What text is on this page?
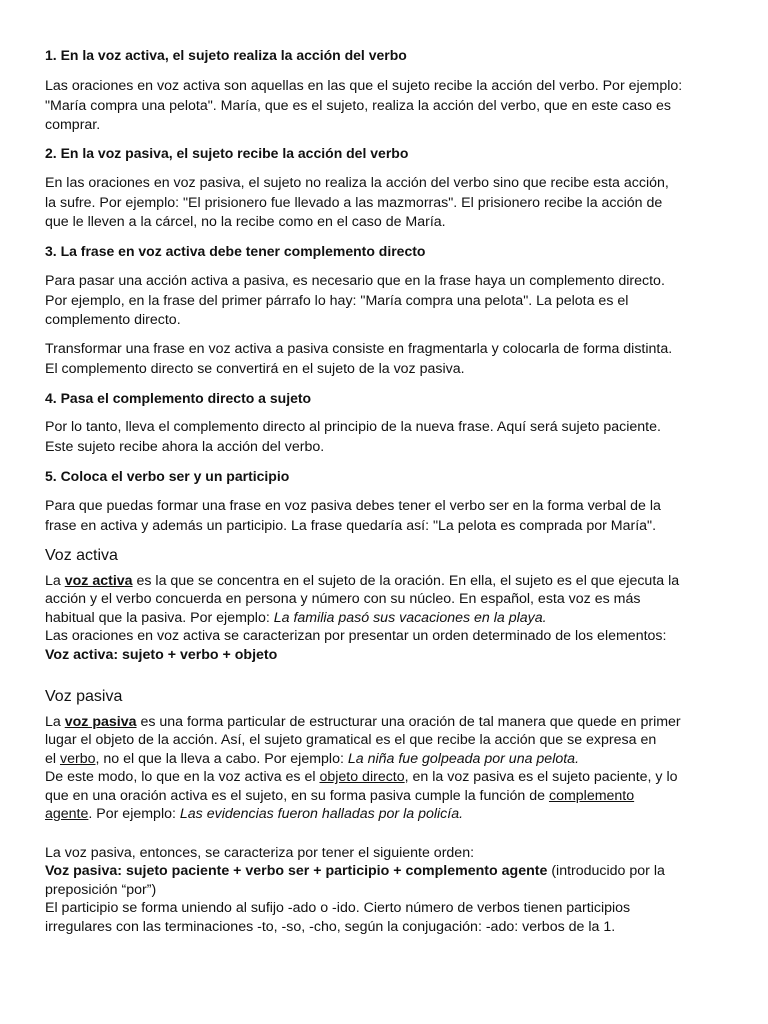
1. En la voz activa, el sujeto realiza la acción del verbo
Las oraciones en voz activa son aquellas en las que el sujeto recibe la acción del verbo. Por ejemplo:
"María compra una pelota". María, que es el sujeto, realiza la acción del verbo, que en este caso es
comprar.
2. En la voz pasiva, el sujeto recibe la acción del verbo
En las oraciones en voz pasiva, el sujeto no realiza la acción del verbo sino que recibe esta acción,
la sufre. Por ejemplo: "El prisionero fue llevado a las mazmorras". El prisionero recibe la acción de
que le lleven a la cárcel, no la recibe como en el caso de María.
3. La frase en voz activa debe tener complemento directo
Para pasar una acción activa a pasiva, es necesario que en la frase haya un complemento directo.
Por ejemplo, en la frase del primer párrafo lo hay: "María compra una pelota". La pelota es el
complemento directo.
Transformar una frase en voz activa a pasiva consiste en fragmentarla y colocarla de forma distinta.
El complemento directo se convertirá en el sujeto de la voz pasiva.
4. Pasa el complemento directo a sujeto
Por lo tanto, lleva el complemento directo al principio de la nueva frase. Aquí será sujeto paciente.
Este sujeto recibe ahora la acción del verbo.
5. Coloca el verbo ser y un participio
Para que puedas formar una frase en voz pasiva debes tener el verbo ser en la forma verbal de la
frase en activa y además un participio. La frase quedaría así: "La pelota es comprada por María".
Voz activa
La voz activa es la que se concentra en el sujeto de la oración. En ella, el sujeto es el que ejecuta la
acción y el verbo concuerda en persona y número con su núcleo. En español, esta voz es más
habitual que la pasiva. Por ejemplo: La familia pasó sus vacaciones en la playa.
Las oraciones en voz activa se caracterizan por presentar un orden determinado de los elementos:
Voz activa: sujeto + verbo + objeto
Voz pasiva
La voz pasiva es una forma particular de estructurar una oración de tal manera que quede en primer
lugar el objeto de la acción. Así, el sujeto gramatical es el que recibe la acción que se expresa en
el verbo, no el que la lleva a cabo. Por ejemplo: La niña fue golpeada por una pelota.
De este modo, lo que en la voz activa es el objeto directo, en la voz pasiva es el sujeto paciente, y lo
que en una oración activa es el sujeto, en su forma pasiva cumple la función de complemento
agente. Por ejemplo: Las evidencias fueron halladas por la policía.
La voz pasiva, entonces, se caracteriza por tener el siguiente orden:
Voz pasiva: sujeto paciente + verbo ser + participio + complemento agente (introducido por la
preposición “por”)
El participio se forma uniendo al sufijo -ado o -ido. Cierto número de verbos tienen participios
irregulares con las terminaciones -to, -so, -cho, según la conjugación: -ado: verbos de la 1.
